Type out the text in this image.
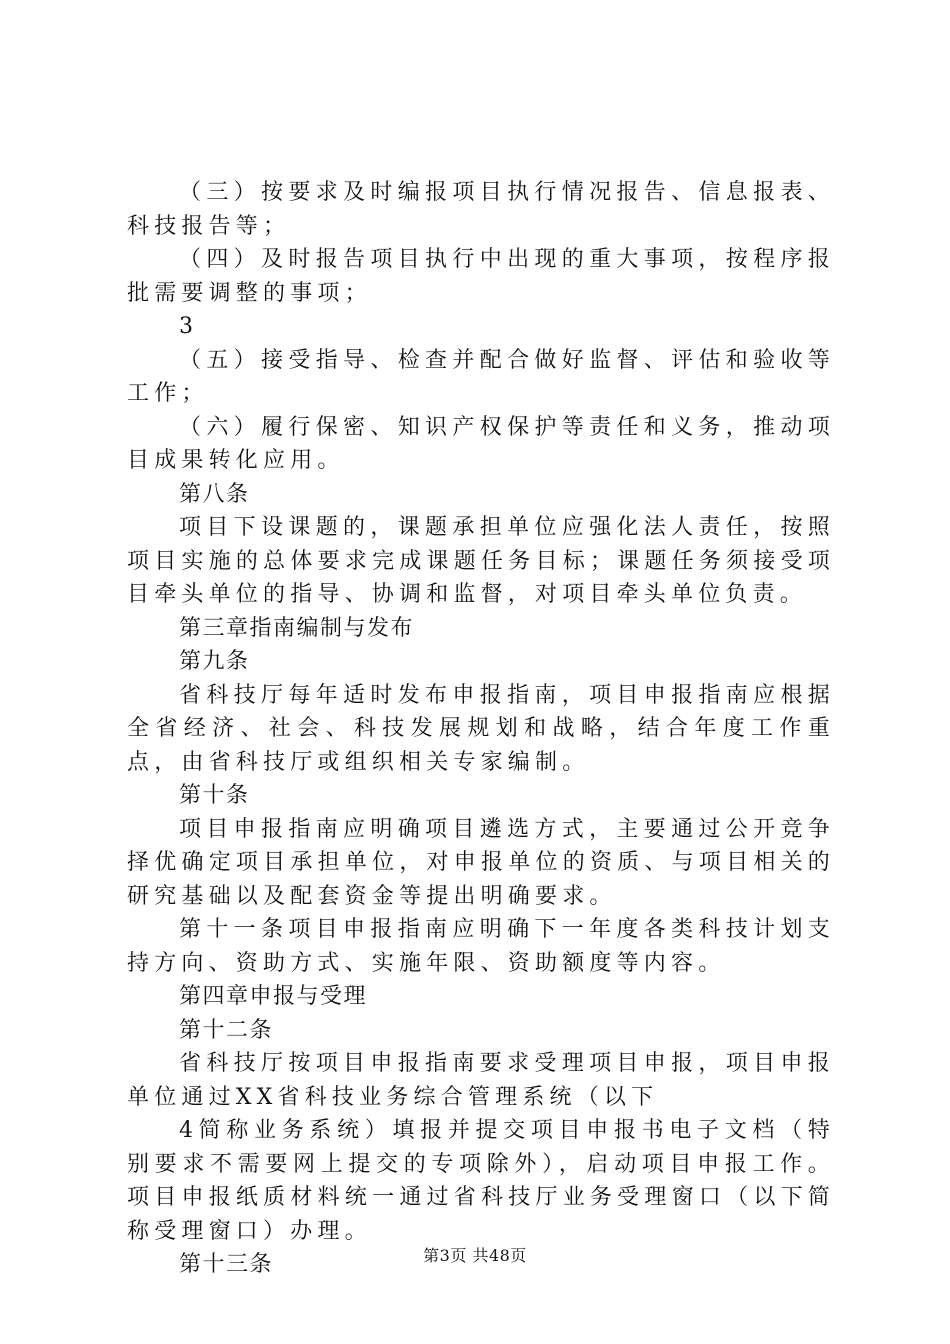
（三）按要求及时编报项目执行情况报告、信息报表、科技报告等；

（四）及时报告项目执行中出现的重大事项，按程序报批需要调整的事项；

3

（五）接受指导、检查并配合做好监督、评估和验收等工作；

（六）履行保密、知识产权保护等责任和义务，推动项目成果转化应用。

第八条

项目下设课题的，课题承担单位应强化法人责任，按照项目实施的总体要求完成课题任务目标；课题任务须接受项目牵头单位的指导、协调和监督，对项目牵头单位负责。

第三章指南编制与发布

第九条

省科技厅每年适时发布申报指南，项目申报指南应根据全省经济、社会、科技发展规划和战略，结合年度工作重点，由省科技厅或组织相关专家编制。

第十条

项目申报指南应明确项目遴选方式，主要通过公开竞争择优确定项目承担单位，对申报单位的资质、与项目相关的研究基础以及配套资金等提出明确要求。

第十一条项目申报指南应明确下一年度各类科技计划支持方向、资助方式、实施年限、资助额度等内容。

第四章申报与受理

第十二条

省科技厅按项目申报指南要求受理项目申报，项目申报单位通过XX省科技业务综合管理系统（以下

4简称业务系统）填报并提交项目申报书电子文档（特别要求不需要网上提交的专项除外），启动项目申报工作。项目申报纸质材料统一通过省科技厅业务受理窗口（以下简称受理窗口）办理。

第十三条	第3页 共48页
